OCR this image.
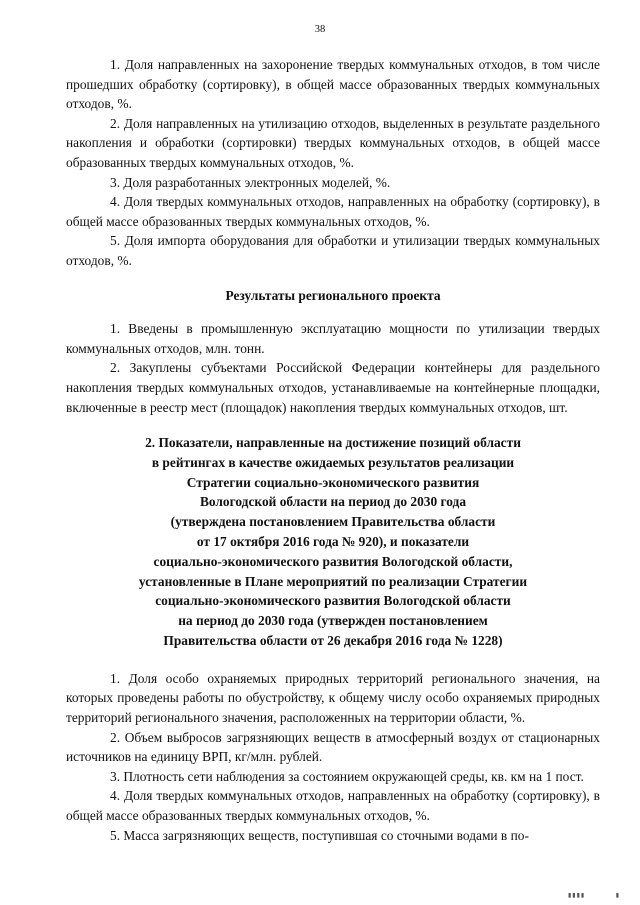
38

1. Доля направленных на захоронение твердых коммунальных отходов, в том числе прошедших обработку (сортировку), в общей массе образованных твердых коммунальных отходов, %.

2. Доля направленных на утилизацию отходов, выделенных в результате раздельного накопления и обработки (сортировки) твердых коммунальных отходов, в общей массе образованных твердых коммунальных отходов, %.

3. Доля разработанных электронных моделей, %.

4. Доля твердых коммунальных отходов, направленных на обработку (сортировку), в общей массе образованных твердых коммунальных отходов, %.

5. Доля импорта оборудования для обработки и утилизации твердых коммунальных отходов, %.

Результаты регионального проекта

1. Введены в промышленную эксплуатацию мощности по утилизации твердых коммунальных отходов, млн. тонн.

2. Закуплены субъектами Российской Федерации контейнеры для раздельного накопления твердых коммунальных отходов, устанавливаемые на контейнерные площадки, включенные в реестр мест (площадок) накопления твердых коммунальных отходов, шт.

2. Показатели, направленные на достижение позиций области
в рейтингах в качестве ожидаемых результатов реализации
Стратегии социально-экономического развития
Вологодской области на период до 2030 года
(утверждена постановлением Правительства области
от 17 октября 2016 года № 920), и показатели
социально-экономического развития Вологодской области,
установленные в Плане мероприятий по реализации Стратегии
социально-экономического развития Вологодской области
на период до 2030 года (утвержден постановлением
Правительства области от 26 декабря 2016 года № 1228)

1. Доля особо охраняемых природных территорий регионального значения, на которых проведены работы по обустройству, к общему числу особо охраняемых природных территорий регионального значения, расположенных на территории области, %.

2. Объем выбросов загрязняющих веществ в атмосферный воздух от стационарных источников на единицу ВРП, кг/млн. рублей.

3. Плотность сети наблюдения за состоянием окружающей среды, кв. км на 1 пост.

4. Доля твердых коммунальных отходов, направленных на обработку (сортировку), в общей массе образованных твердых коммунальных отходов, %.

5. Масса загрязняющих веществ, поступившая со сточными водами в по-

▮▮▮▮	▮
